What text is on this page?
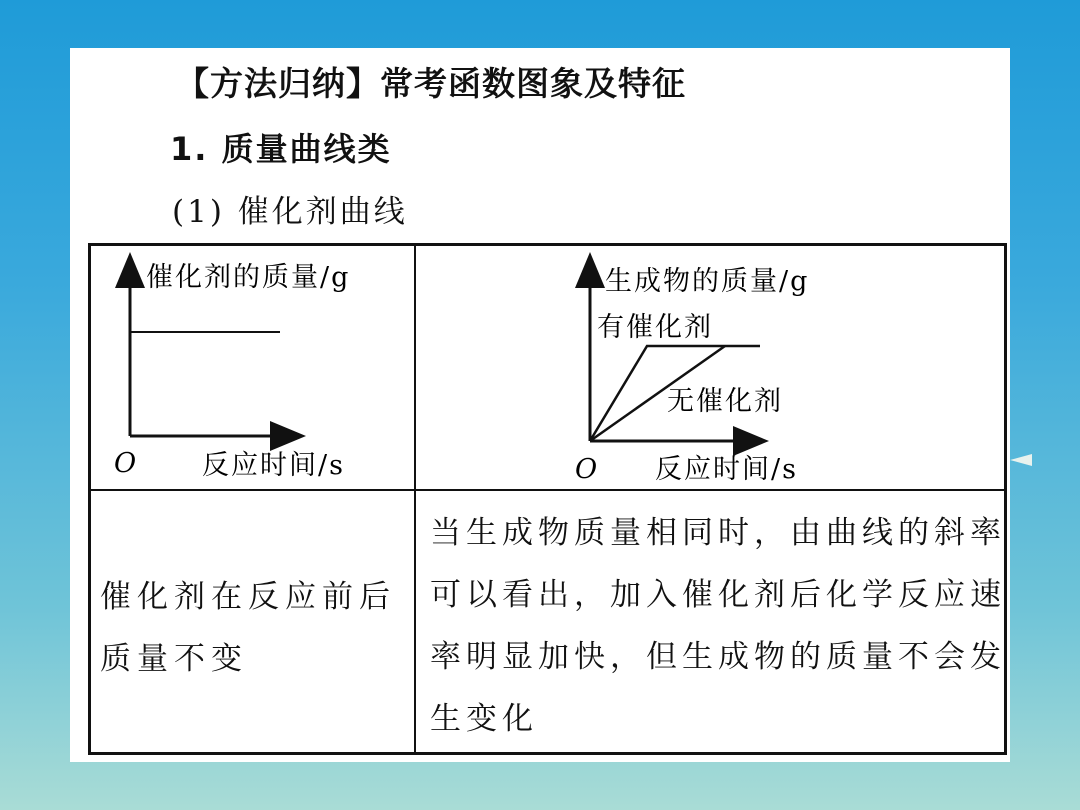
【方法归纳】常考函数图象及特征
1. 质量曲线类
(1) 催化剂曲线
催化剂的质量/g
O 反应时间/s
生成物的质量/g
有催化剂
无催化剂
O 反应时间/s
催化剂在反应前后质量不变
当生成物质量相同时，由曲线的斜率可以看出，加入催化剂后化学反应速率明显加快，但生成物的质量不会发生变化
